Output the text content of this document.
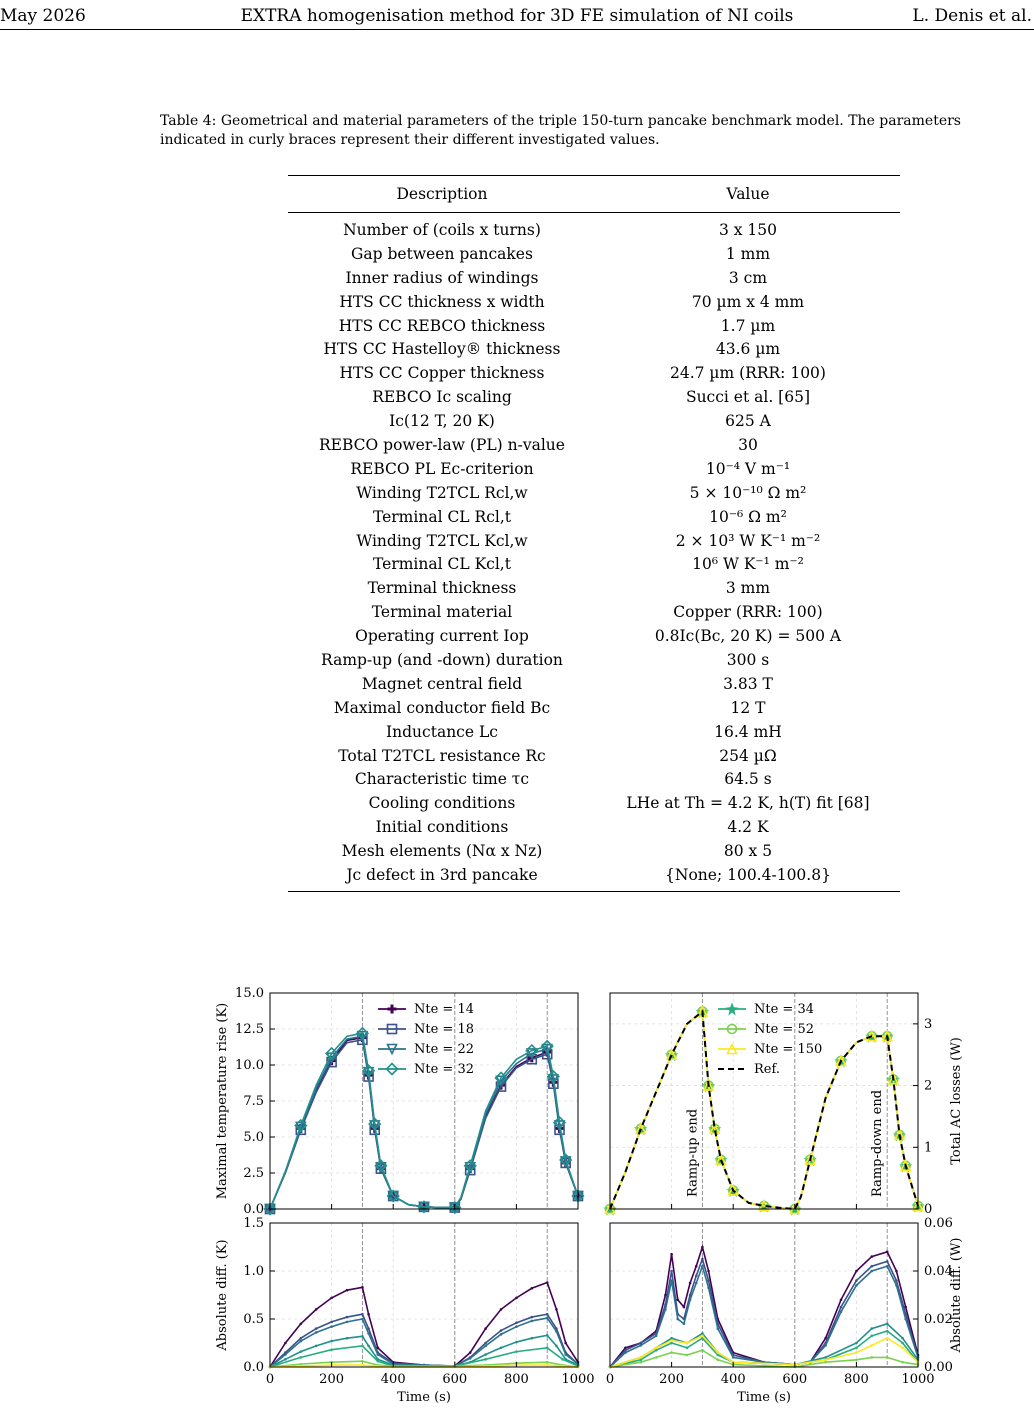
May 2026	EXTRA homogenisation method for 3D FE simulation of NI coils	L. Denis et al.
Table 4: Geometrical and material parameters of the triple 150-turn pancake benchmark model. The parameters indicated in curly braces represent their different investigated values.
Description	Value
Number of (coils x turns)	3 x 150
Gap between pancakes	1 mm
Inner radius of windings	3 cm
HTS CC thickness x width	70 µm x 4 mm
HTS CC REBCO thickness	1.7 µm
HTS CC Hastelloy® thickness	43.6 µm
HTS CC Copper thickness	24.7 µm (RRR: 100)
REBCO Ic scaling	Succi et al. [65]
Ic(12 T, 20 K)	625 A
REBCO power-law (PL) n-value	30
REBCO PL Ec-criterion	10⁻⁴ V m⁻¹
Winding T2TCL Rcl,w	5 × 10⁻¹⁰ Ω m²
Terminal CL Rcl,t	10⁻⁶ Ω m²
Winding T2TCL Kcl,w	2 × 10³ W K⁻¹ m⁻²
Terminal CL Kcl,t	10⁶ W K⁻¹ m⁻²
Terminal thickness	3 mm
Terminal material	Copper (RRR: 100)
Operating current Iop	0.8Ic(Bc, 20 K) = 500 A
Ramp-up (and -down) duration	300 s
Magnet central field	3.83 T
Maximal conductor field Bc	12 T
Inductance Lc	16.4 mH
Total T2TCL resistance Rc	254 µΩ
Characteristic time τc	64.5 s
Cooling conditions	LHe at Th = 4.2 K, h(T) fit [68]
Initial conditions	4.2 K
Mesh elements (Nα x Nz)	80 x 5
Jc defect in 3rd pancake	{None; 100.4-100.8}
0.0
2.5
5.0
7.5
10.0
12.5
15.0
Maximal temperature rise (K)	Nte = 14
Nte = 18
Nte = 22
Nte = 32
0
1
2
3
Total AC losses (W)
Ramp-up end	Ramp-down end
Nte = 34
Nte = 52
Nte = 150
Ref.
0.0
0.5
1.0
1.5
0	200	400	600	800	1000
Time (s)
Absolute diff. (K)
0.00
0.02
0.04
0.06
0	200	400	600	800	1000
Time (s)
Absolute diff. (W)
